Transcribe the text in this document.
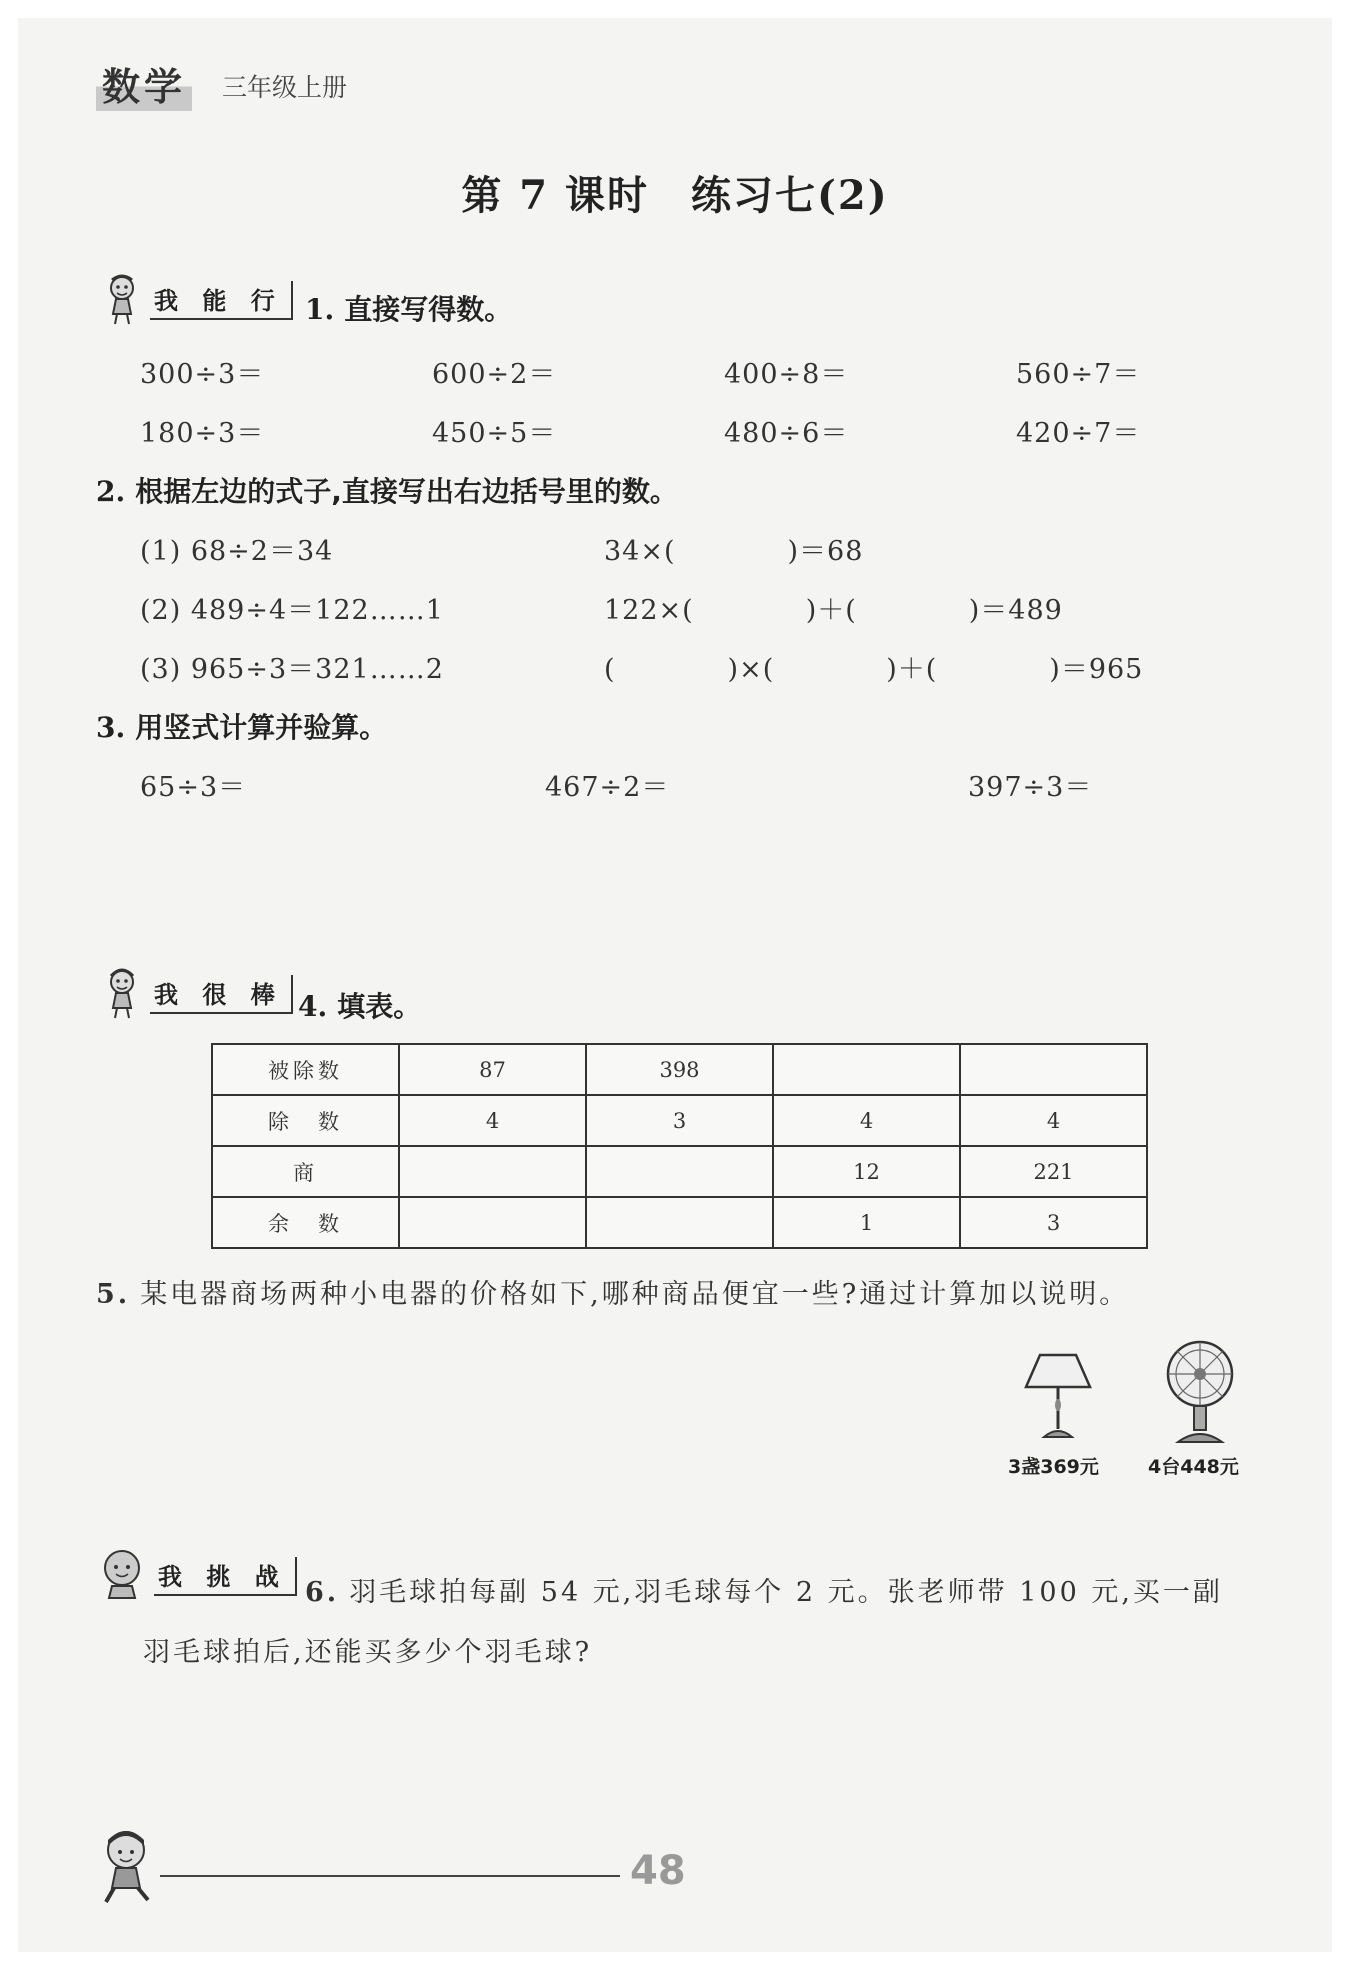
数学 三年级上册
第 7 课时　练习七(2)
我 能 行 1. 直接写得数。
300÷3＝	600÷2＝	400÷8＝	560÷7＝
180÷3＝	450÷5＝	480÷6＝	420÷7＝
2. 根据左边的式子,直接写出右边括号里的数。
(1) 68÷2＝34	34×(　　　　)＝68
(2) 489÷4＝122……1	122×(　　　　)＋(　　　　)＝489
(3) 965÷3＝321……2	(　　　　)×(　　　　)＋(　　　　)＝965
3. 用竖式计算并验算。
65÷3＝	467÷2＝	397÷3＝
我 很 棒 4. 填表。
被除数	87	398		
除　数	4	3	4	4
商			12	221
余　数			1	3
5. 某电器商场两种小电器的价格如下,哪种商品便宜一些?通过计算加以说明。
3盏369元	4台448元
我 挑 战 6. 羽毛球拍每副 54 元,羽毛球每个 2 元。张老师带 100 元,买一副
羽毛球拍后,还能买多少个羽毛球?
48
